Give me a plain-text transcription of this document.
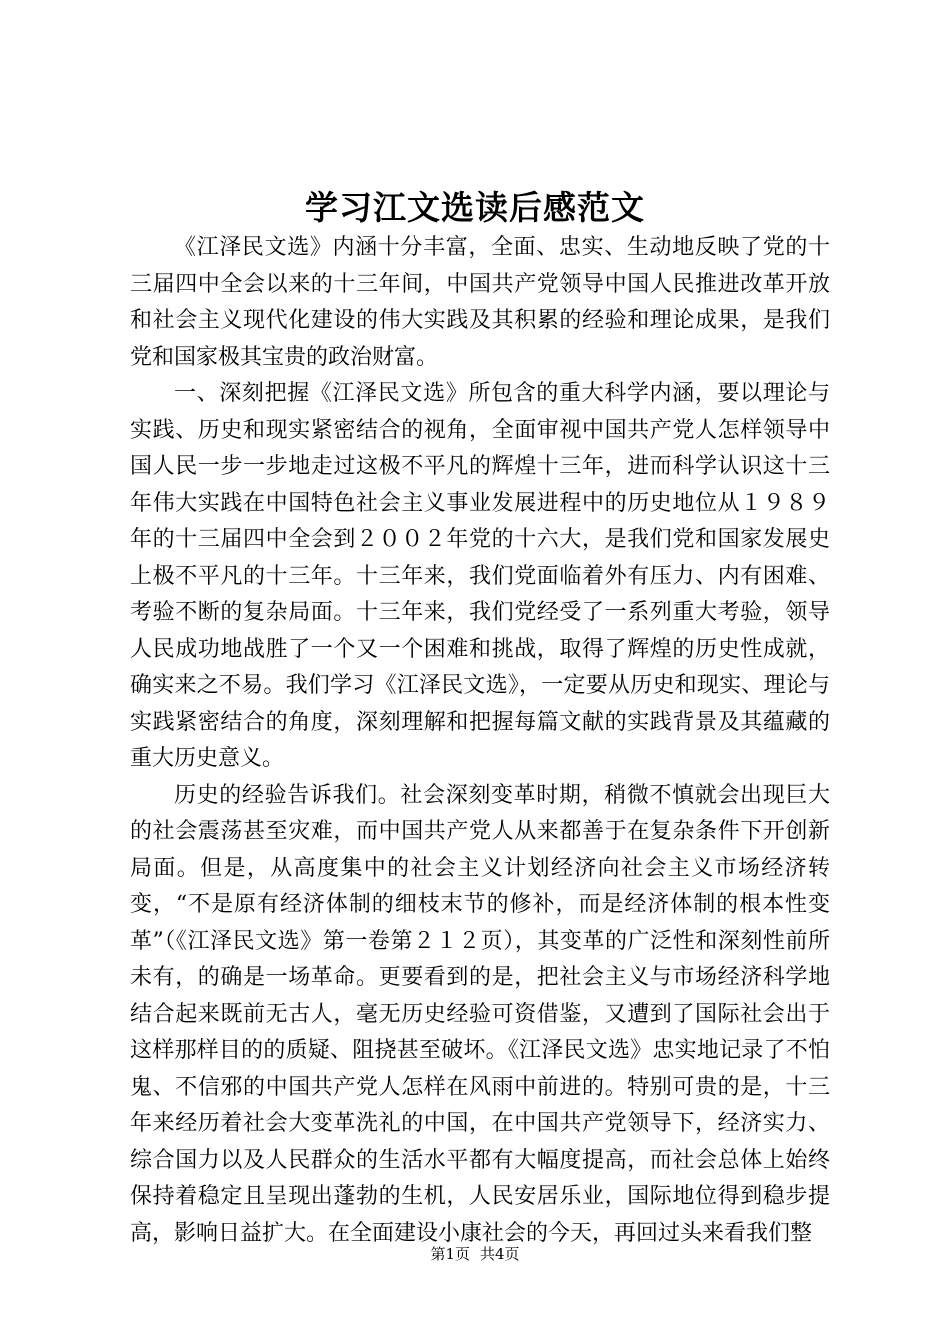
学习江文选读后感范文

《江泽民文选》内涵十分丰富，全面、忠实、生动地反映了党的十三届四中全会以来的十三年间，中国共产党领导中国人民推进改革开放和社会主义现代化建设的伟大实践及其积累的经验和理论成果，是我们党和国家极其宝贵的政治财富。

一、深刻把握《江泽民文选》所包含的重大科学内涵，要以理论与实践、历史和现实紧密结合的视角，全面审视中国共产党人怎样领导中国人民一步一步地走过这极不平凡的辉煌十三年，进而科学认识这十三年伟大实践在中国特色社会主义事业发展进程中的历史地位从１９８９年的十三届四中全会到２００２年党的十六大，是我们党和国家发展史上极不平凡的十三年。十三年来，我们党面临着外有压力、内有困难、考验不断的复杂局面。十三年来，我们党经受了一系列重大考验，领导人民成功地战胜了一个又一个困难和挑战，取得了辉煌的历史性成就，确实来之不易。我们学习《江泽民文选》，一定要从历史和现实、理论与实践紧密结合的角度，深刻理解和把握每篇文献的实践背景及其蕴藏的重大历史意义。

历史的经验告诉我们。社会深刻变革时期，稍微不慎就会出现巨大的社会震荡甚至灾难，而中国共产党人从来都善于在复杂条件下开创新局面。但是，从高度集中的社会主义计划经济向社会主义市场经济转变，“不是原有经济体制的细枝末节的修补，而是经济体制的根本性变革”（《江泽民文选》第一卷第２１２页），其变革的广泛性和深刻性前所未有，的确是一场革命。更要看到的是，把社会主义与市场经济科学地结合起来既前无古人，毫无历史经验可资借鉴，又遭到了国际社会出于这样那样目的的质疑、阻挠甚至破坏。《江泽民文选》忠实地记录了不怕鬼、不信邪的中国共产党人怎样在风雨中前进的。特别可贵的是，十三年来经历着社会大变革洗礼的中国，在中国共产党领导下，经济实力、综合国力以及人民群众的生活水平都有大幅度提高，而社会总体上始终保持着稳定且呈现出蓬勃的生机，人民安居乐业，国际地位得到稳步提高，影响日益扩大。在全面建设小康社会的今天，再回过头来看我们整

第1页 共4页
